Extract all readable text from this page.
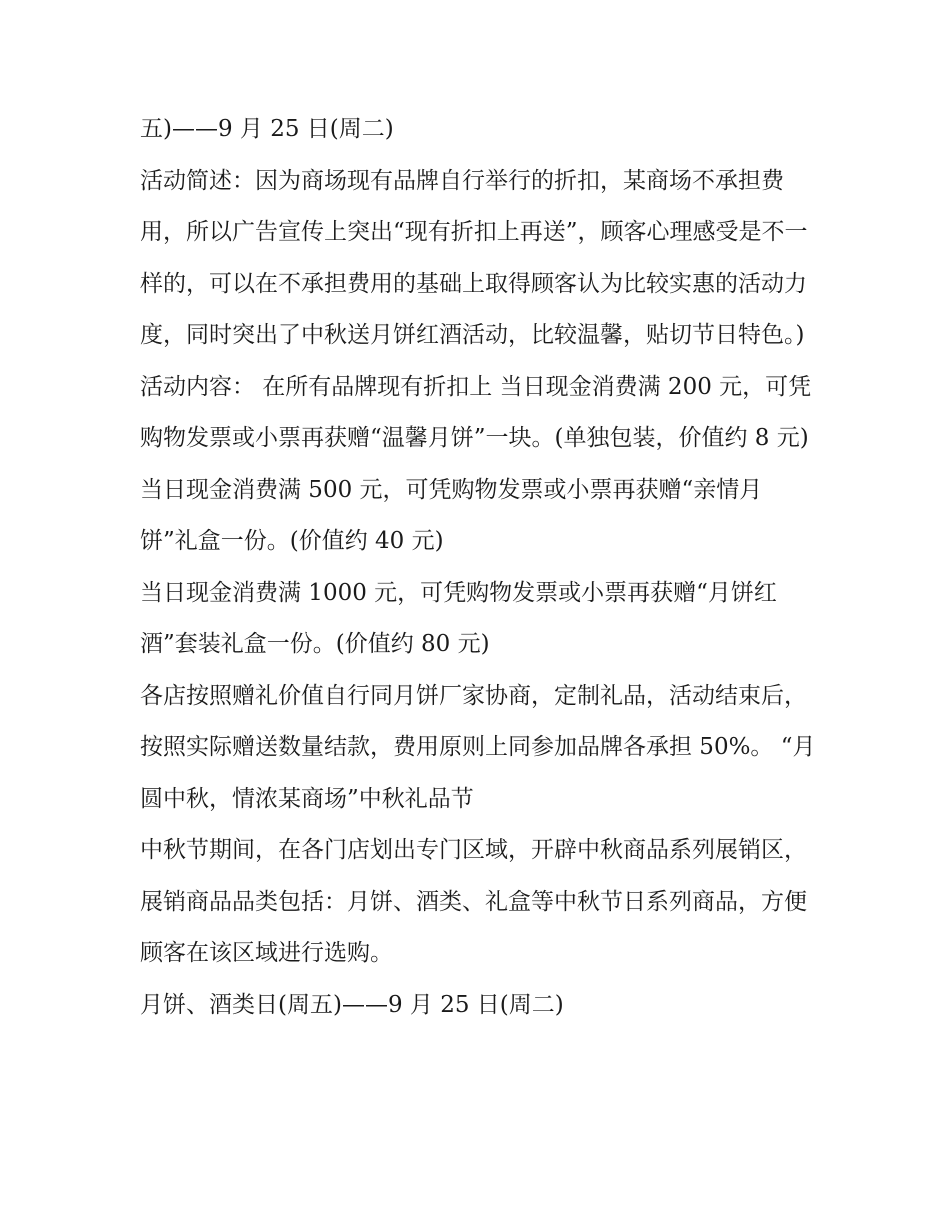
五)——9 月 25 日(周二)

活动简述：因为商场现有品牌自行举行的折扣，某商场不承担费用，所以广告宣传上突出“现有折扣上再送”，顾客心理感受是不一样的，可以在不承担费用的基础上取得顾客认为比较实惠的活动力度，同时突出了中秋送月饼红酒活动，比较温馨，贴切节日特色。)

活动内容： 在所有品牌现有折扣上 当日现金消费满 200 元，可凭购物发票或小票再获赠“温馨月饼”一块。(单独包装，价值约 8 元)

当日现金消费满 500 元，可凭购物发票或小票再获赠“亲情月饼”礼盒一份。(价值约 40 元)

当日现金消费满 1000 元，可凭购物发票或小票再获赠“月饼红酒”套装礼盒一份。(价值约 80 元)

各店按照赠礼价值自行同月饼厂家协商，定制礼品，活动结束后，按照实际赠送数量结款，费用原则上同参加品牌各承担 50%。 “月圆中秋，情浓某商场”中秋礼品节

中秋节期间，在各门店划出专门区域，开辟中秋商品系列展销区，展销商品品类包括：月饼、酒类、礼盒等中秋节日系列商品，方便顾客在该区域进行选购。

月饼、酒类日(周五)——9 月 25 日(周二)
